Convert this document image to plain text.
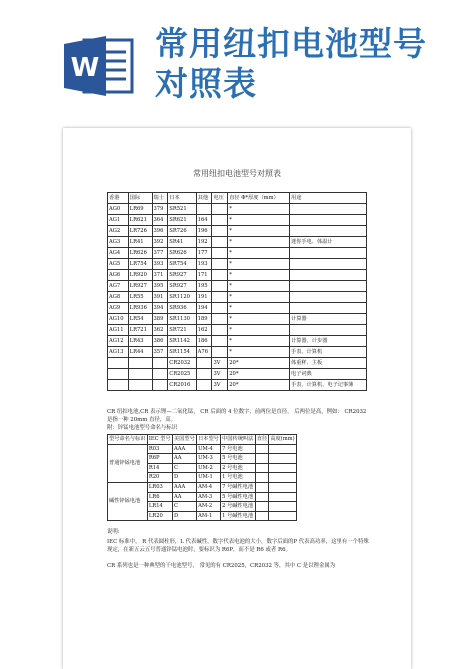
W
常用纽扣电池型号
对照表
常用纽扣电池型号对照表
香港	国际	瑞士	日本	其他	电压	直径 Φ*厚度（mm）	用途
AG0	LR69	379	SR521			*	
AG1	LR621	364	SR621	164		*	
AG2	LR726	396	SR726	196		*	
AG3	LR41	392	SR41	192		*	迷你手电、体温计
AG4	LR626	377	SR626	177		*	
AG5	LR754	393	SR754	193		*	
AG6	LR920	371	SR927	171		*	
AG7	LR927	395	SR927	195		*	
AG8	LR55	391	SR1120	191		*	
AG9	LR936	394	SR936	194		*	
AG10	LR54	389	SR1130	189		*	计算器
AG11	LR721	362	SR721	162		*	
AG12	LR43	386	SR1142	186		*	计算器、计步器
AG13	LR44	357	SR1154	A76		*	手表、计算机
			CR2032		3V	20*	体重秤、主板
			CR2025		3V	20*	电子词典
			CR2016		3V	20*	手表、计算机、电子记事簿
CR 纽扣电池,CR 表示锂—二氧化锰， CR 后面的 4 位数字，前两位是直径， 后两位是高，例如： CR2032 是指一种 20mm 直径，高。
附：锌锰电池型号命名与标识
型号命名与标识	IEC 型号	美国型号	日本型号	中国传统叫法	直径	高度(mm)
普通锌锰电池	R03	AAA	UM-4	7 号电池		
	R6P	AA	UM-3	5 号电池		
	R14	C	UM-2	2 号电池		
	R20	D	UM-1	1 号电池		
碱性锌锰电池	LR03	AAA	AM-4	7 号碱性电池		
	LR6	AA	AM-3	5 号碱性电池		
	LR14	C	AM-2	2 号碱性电池		
	LR20	D	AM-1	1 号碱性电池		
说明:
IEC 标准中， R 代表圆柱形，L 代表碱性，数字代表电池的大小，数字后面的P 代表高功率，这里有一个特殊现定，在新五云五号普通锌锰电池时，要标识为 R6P，而不是 R6 或者 R6。
CR 系列也是一种典型的干电池型号， 常见的有 CR2025，CR2032 等，其中 C 是以锂金属为
